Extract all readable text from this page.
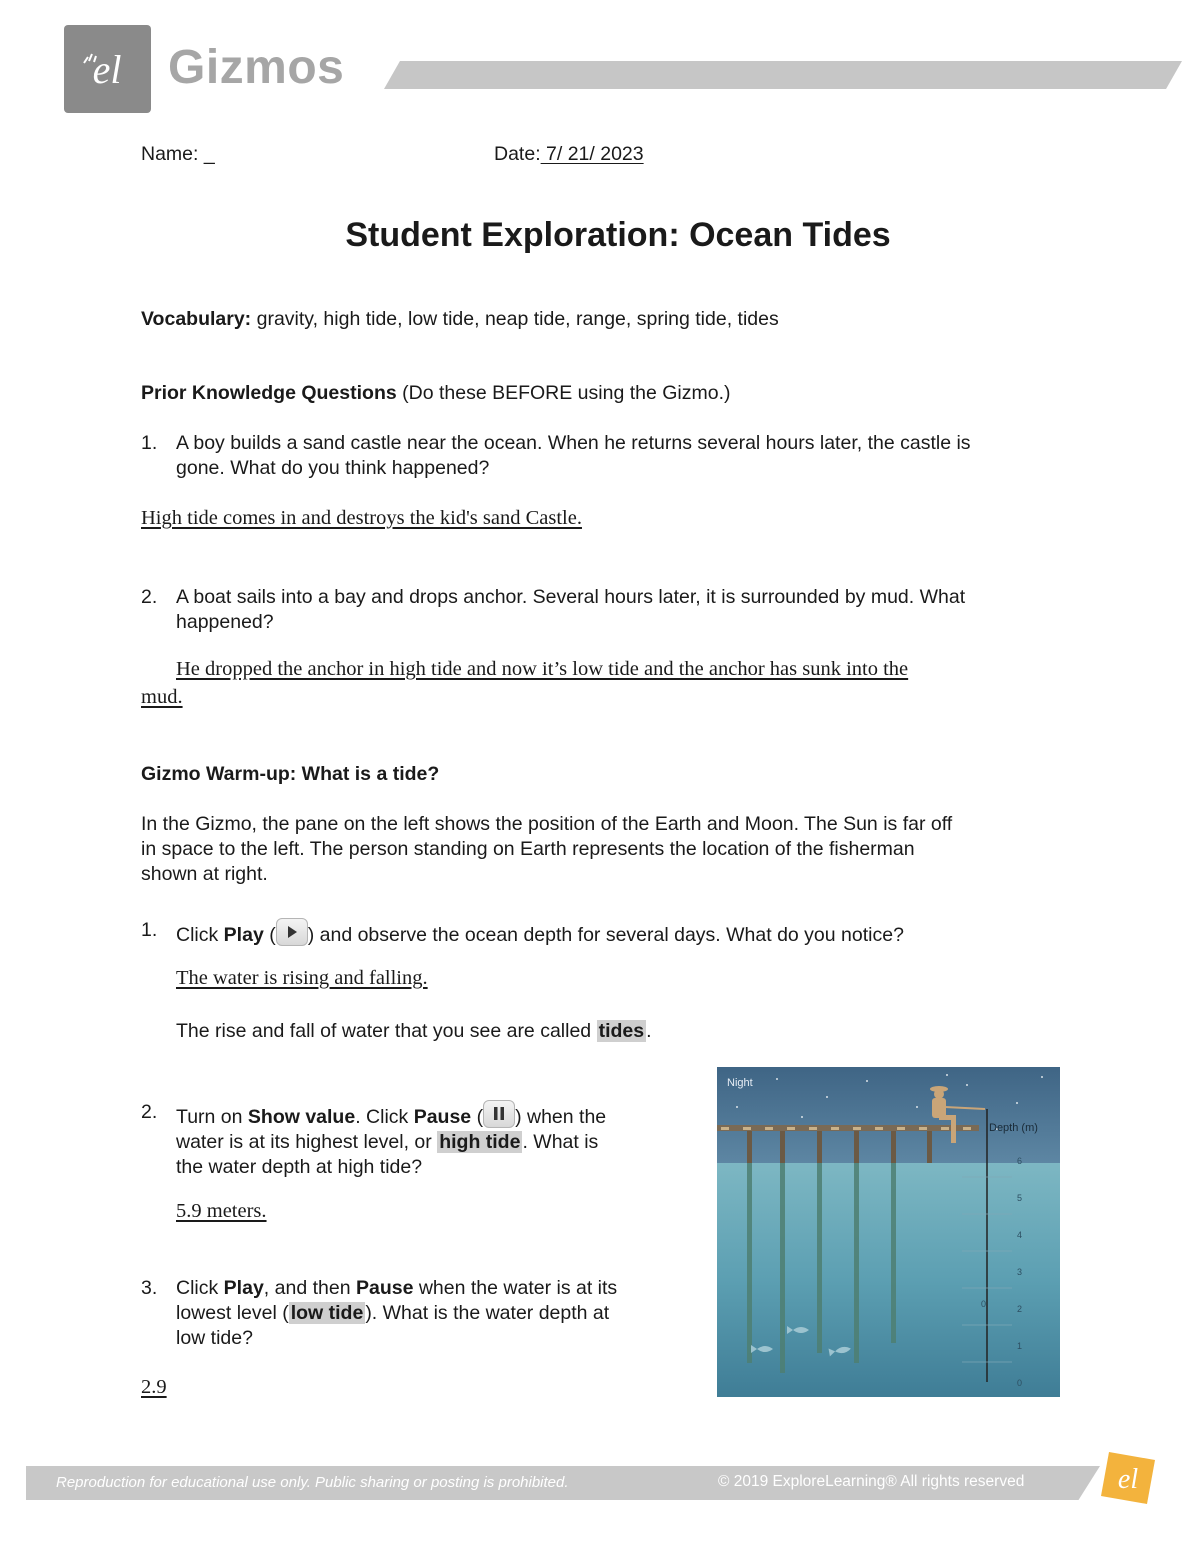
el Gizmos
Name: _	Date: 7/ 21/ 2023
Student Exploration: Ocean Tides
Vocabulary: gravity, high tide, low tide, neap tide, range, spring tide, tides
Prior Knowledge Questions (Do these BEFORE using the Gizmo.)
1. A boy builds a sand castle near the ocean. When he returns several hours later, the castle is
gone. What do you think happened?
High tide comes in and destroys the kid's sand Castle.
2. A boat sails into a bay and drops anchor. Several hours later, it is surrounded by mud. What
happened?
He dropped the anchor in high tide and now it’s low tide and the anchor has sunk into the
mud.
Gizmo Warm-up: What is a tide?
In the Gizmo, the pane on the left shows the position of the Earth and Moon. The Sun is far off
in space to the left. The person standing on Earth represents the location of the fisherman
shown at right.
1. Click Play ( ) and observe the ocean depth for several days. What do you notice?
The water is rising and falling.
The rise and fall of water that you see are called tides .
2. Turn on Show value. Click Pause ( ) when the
water is at its highest level, or high tide . What is
the water depth at high tide?
5.9 meters.
3. Click Play, and then Pause when the water is at its
lowest level ( low tide ). What is the water depth at
low tide?
2.9
Night
Depth (m)
6
5
4
3
2
1
0
0
Reproduction for educational use only. Public sharing or posting is prohibited.	© 2019 ExploreLearning® All rights reserved	el
